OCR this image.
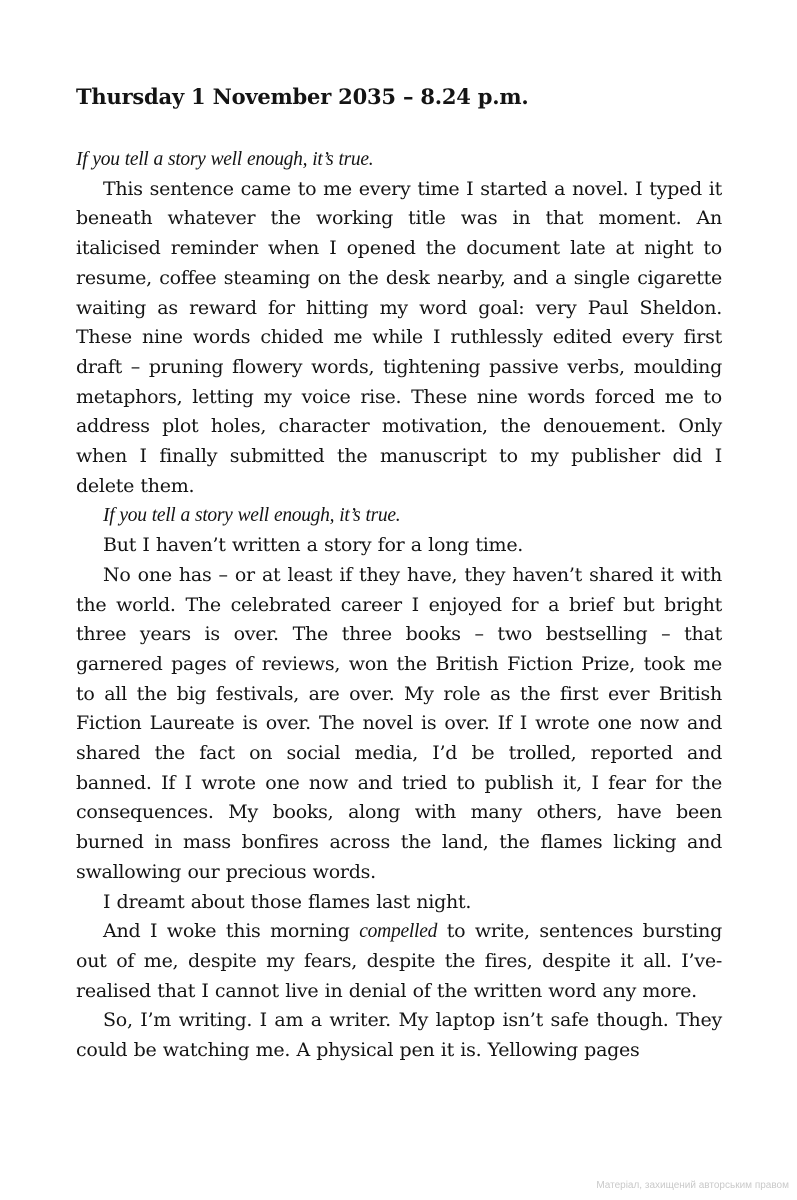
Thursday 1 November 2035 – 8.24 p.m.

If you tell a story well enough, it’s true.

This sentence came to me every time I started a novel. I typed it beneath whatever the working title was in that moment. An italicised reminder when I opened the document late at night to resume, coffee steaming on the desk nearby, and a single cigarette waiting as reward for hitting my word goal: very Paul Sheldon. These nine words chided me while I ruthlessly edited every first draft – pruning flowery words, tightening passive verbs, moulding metaphors, letting my voice rise. These nine words forced me to address plot holes, character motivation, the denouement. Only when I finally submitted the manuscript to my publisher did I delete them.

If you tell a story well enough, it’s true.

But I haven’t written a story for a long time.

No one has – or at least if they have, they haven’t shared it with the world. The celebrated career I enjoyed for a brief but bright three years is over. The three books – two bestselling – that garnered pages of reviews, won the British Fiction Prize, took me to all the big festivals, are over. My role as the first ever British Fiction Laureate is over. The novel is over. If I wrote one now and shared the fact on social media, I’d be trolled, reported and banned. If I wrote one now and tried to publish it, I fear for the consequences. My books, along with many others, have been burned in mass bonfires across the land, the flames licking and swallowing our precious words.

I dreamt about those flames last night.

And I woke this morning compelled to write, sentences bursting out of me, despite my fears, despite the fires, despite it all. I’ve-realised that I cannot live in denial of the written word any more.

So, I’m writing. I am a writer. My laptop isn’t safe though. They could be watching me. A physical pen it is. Yellowing pages

Матеріал, захищений авторським правом
